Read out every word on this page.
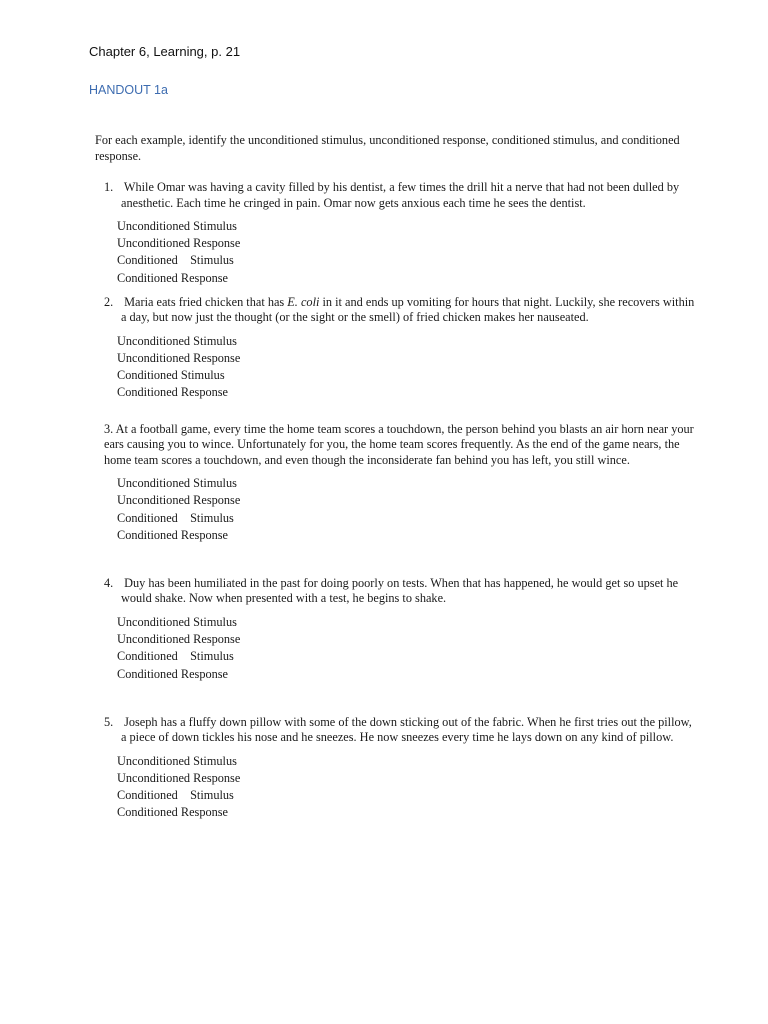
Chapter 6, Learning, p. 21
HANDOUT 1a

For each example, identify the unconditioned stimulus, unconditioned response, conditioned stimulus, and conditioned response.

1. While Omar was having a cavity filled by his dentist, a few times the drill hit a nerve that had not been dulled by anesthetic. Each time he cringed in pain. Omar now gets anxious each time he sees the dentist.

Unconditioned Stimulus
Unconditioned Response
Conditioned    Stimulus
Conditioned Response

2. Maria eats fried chicken that has E. coli in it and ends up vomiting for hours that night. Luckily, she recovers within a day, but now just the thought (or the sight or the smell) of fried chicken makes her nauseated.

Unconditioned Stimulus
Unconditioned Response
Conditioned Stimulus
Conditioned Response

3. At a football game, every time the home team scores a touchdown, the person behind you blasts an air horn near your ears causing you to wince. Unfortunately for you, the home team scores frequently. As the end of the game nears, the home team scores a touchdown, and even though the inconsiderate fan behind you has left, you still wince.

Unconditioned Stimulus
Unconditioned Response
Conditioned    Stimulus
Conditioned Response

4. Duy has been humiliated in the past for doing poorly on tests. When that has happened, he would get so upset he would shake. Now when presented with a test, he begins to shake.

Unconditioned Stimulus
Unconditioned Response
Conditioned    Stimulus
Conditioned Response

5. Joseph has a fluffy down pillow with some of the down sticking out of the fabric. When he first tries out the pillow, a piece of down tickles his nose and he sneezes. He now sneezes every time he lays down on any kind of pillow.

Unconditioned Stimulus
Unconditioned Response
Conditioned    Stimulus
Conditioned Response
